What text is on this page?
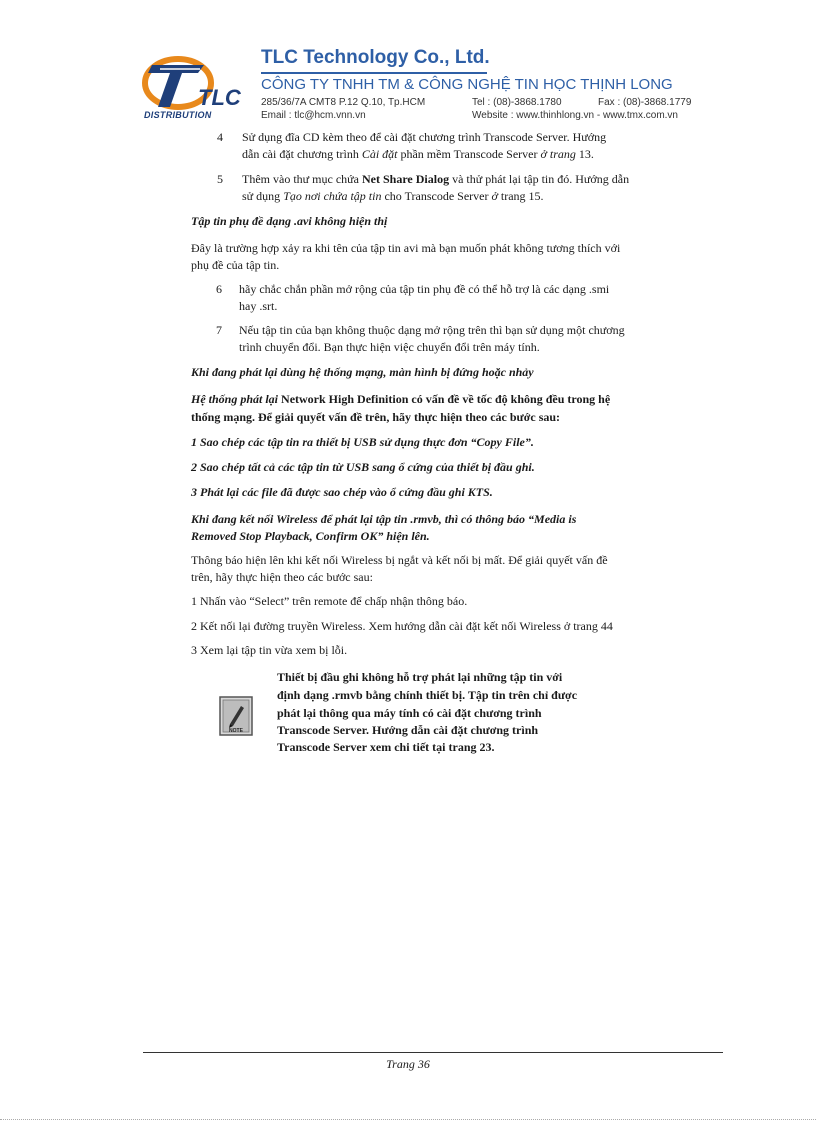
TLC
DISTRIBUTION
TLC Technology Co., Ltd.
CÔNG TY TNHH TM & CÔNG NGHỆ TIN HỌC THỊNH LONG
285/36/7A CMT8 P.12 Q.10, Tp.HCM	Tel : (08)-3868.1780	Fax : (08)-3868.1779
Email : tlc@hcm.vnn.vn	Website : www.thinhlong.vn - www.tmx.com.vn
4 Sử dụng đĩa CD kèm theo để cài đặt chương trình Transcode Server. Hướng
dẫn cài đặt chương trình Cài đặt phần mềm Transcode Server ở trang 13.
5 Thêm vào thư mục chứa Net Share Dialog và thử phát lại tập tin đó. Hướng dẫn
sử dụng Tạo nơi chứa tập tin cho Transcode Server ở trang 15.
Tập tin phụ đề dạng .avi không hiện thị
Đây là trường hợp xảy ra khi tên của tập tin avi mà bạn muốn phát không tương thích với
phụ đề của tập tin.
6 hãy chắc chắn phần mở rộng của tập tin phụ đề có thể hỗ trợ là các dạng .smi
hay .srt.
7 Nếu tập tin của bạn không thuộc dạng mở rộng trên thì bạn sử dụng một chương
trình chuyển đổi. Bạn thực hiện việc chuyển đổi trên máy tính.
Khi đang phát lại dùng hệ thống mạng, màn hình bị đứng hoặc nhảy
Hệ thống phát lại Network High Definition có vấn đề về tốc độ không đều trong hệ
thống mạng. Để giải quyết vấn đề trên, hãy thực hiện theo các bước sau:
1 Sao chép các tập tin ra thiết bị USB sử dụng thực đơn “Copy File”.
2 Sao chép tất cả các tập tin từ USB sang ổ cứng của thiết bị đầu ghi.
3 Phát lại các file đã được sao chép vào ổ cứng đầu ghi KTS.
Khi đang kết nối Wireless để phát lại tập tin .rmvb, thì có thông báo “Media is
Removed Stop Playback, Confirm OK” hiện lên.
Thông báo hiện lên khi kết nối Wireless bị ngắt và kết nối bị mất. Để giải quyết vấn đề
trên, hãy thực hiện theo các bước sau:
1 Nhấn vào “Select” trên remote để chấp nhận thông báo.
2 Kết nối lại đường truyền Wireless. Xem hướng dẫn cài đặt kết nối Wireless ở trang 44
3 Xem lại tập tin vừa xem bị lỗi.
NOTE
Thiết bị đầu ghi không hỗ trợ phát lại những tập tin với
định dạng .rmvb bằng chính thiết bị. Tập tin trên chỉ được
phát lại thông qua máy tính có cài đặt chương trình
Transcode Server. Hướng dẫn cài đặt chương trình
Transcode Server xem chi tiết tại trang 23.
Trang 36
